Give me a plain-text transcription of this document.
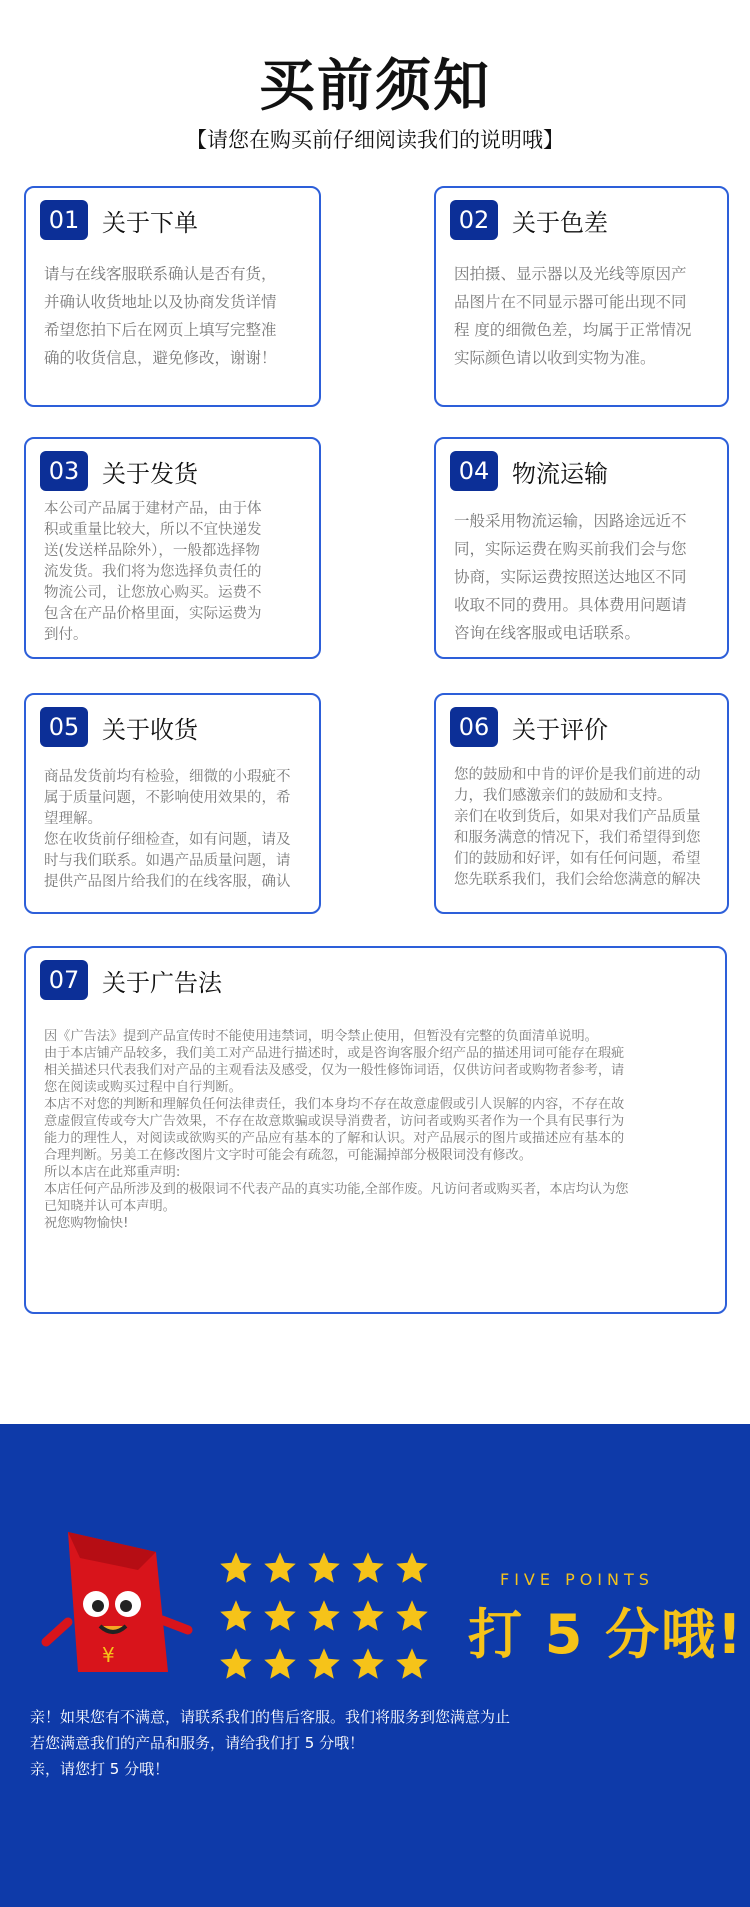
买前须知
【请您在购买前仔细阅读我们的说明哦】
01 关于下单
请与在线客服联系确认是否有货，
并确认收货地址以及协商发货详情
希望您拍下后在网页上填写完整准
确的收货信息，避免修改，谢谢！
02 关于色差
因拍摄、显示器以及光线等原因产
品图片在不同显示器可能出现不同
程 度的细微色差，均属于正常情况
实际颜色请以收到实物为准。
03 关于发货
本公司产品属于建材产品，由于体
积或重量比较大，所以不宜快递发
送(发送样品除外），一般都选择物
流发货。我们将为您选择负责任的
物流公司，让您放心购买。运费不
包含在产品价格里面，实际运费为
到付。
04 物流运输
一般采用物流运输，因路途远近不
同，实际运费在购买前我们会与您
协商，实际运费按照送达地区不同
收取不同的费用。具体费用问题请
咨询在线客服或电话联系。
05 关于收货
商品发货前均有检验，细微的小瑕疵不
属于质量问题，不影响使用效果的，希
望理解。
您在收货前仔细检查，如有问题，请及
时与我们联系。如遇产品质量问题，请
提供产品图片给我们的在线客服，确认
06 关于评价
您的鼓励和中肯的评价是我们前进的动
力，我们感激亲们的鼓励和支持。
亲们在收到货后，如果对我们产品质量
和服务满意的情况下，我们希望得到您
们的鼓励和好评，如有任何问题，希望
您先联系我们，我们会给您满意的解决
07 关于广告法
因《广告法》提到产品宣传时不能使用违禁词，明令禁止使用，但暂没有完整的负面清单说明。
由于本店铺产品较多，我们美工对产品进行描述时，或是咨询客服介绍产品的描述用词可能存在瑕疵
相关描述只代表我们对产品的主观看法及感受，仅为一般性修饰词语，仅供访问者或购物者参考，请
您在阅读或购买过程中自行判断。
本店不对您的判断和理解负任何法律责任，我们本身均不存在故意虚假或引人误解的内容，不存在故
意虚假宣传或夸大广告效果，不存在故意欺骗或误导消费者，访问者或购买者作为一个具有民事行为
能力的理性人，对阅读或欲购买的产品应有基本的了解和认识。对产品展示的图片或描述应有基本的
合理判断。另美工在修改图片文字时可能会有疏忽，可能漏掉部分极限词没有修改。
所以本店在此郑重声明:
本店任何产品所涉及到的极限词不代表产品的真实功能,全部作废。凡访问者或购买者，本店均认为您
已知晓并认可本声明。
祝您购物愉快!
¥
FIVE POINTS
打 5 分哦!
亲！如果您有不满意，请联系我们的售后客服。我们将服务到您满意为止
若您满意我们的产品和服务，请给我们打 5 分哦！
亲，请您打 5 分哦！
